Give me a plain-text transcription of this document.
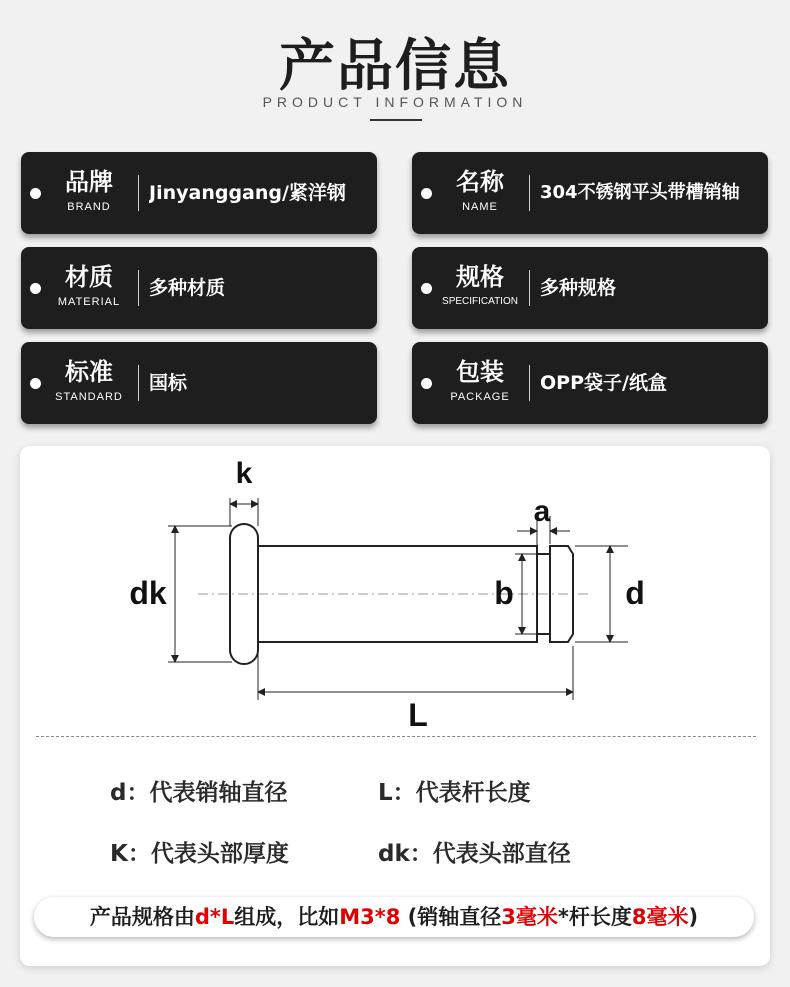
产品信息
PRODUCT INFORMATION
品牌
BRAND
Jinyanggang/紧洋钢	名称
NAME
304不锈钢平头带槽销轴
材质
MATERIAL
多种材质	规格
SPECIFICATION
多种规格
标准
STANDARD
国标	包装
PACKAGE
OPP袋子/纸盒
k
a
dk	b	d
L
d：代表销轴直径	L：代表杆长度
K：代表头部厚度	dk：代表头部直径
产品规格由d*L组成，比如M3*8 (销轴直径3毫米*杆长度8毫米)
